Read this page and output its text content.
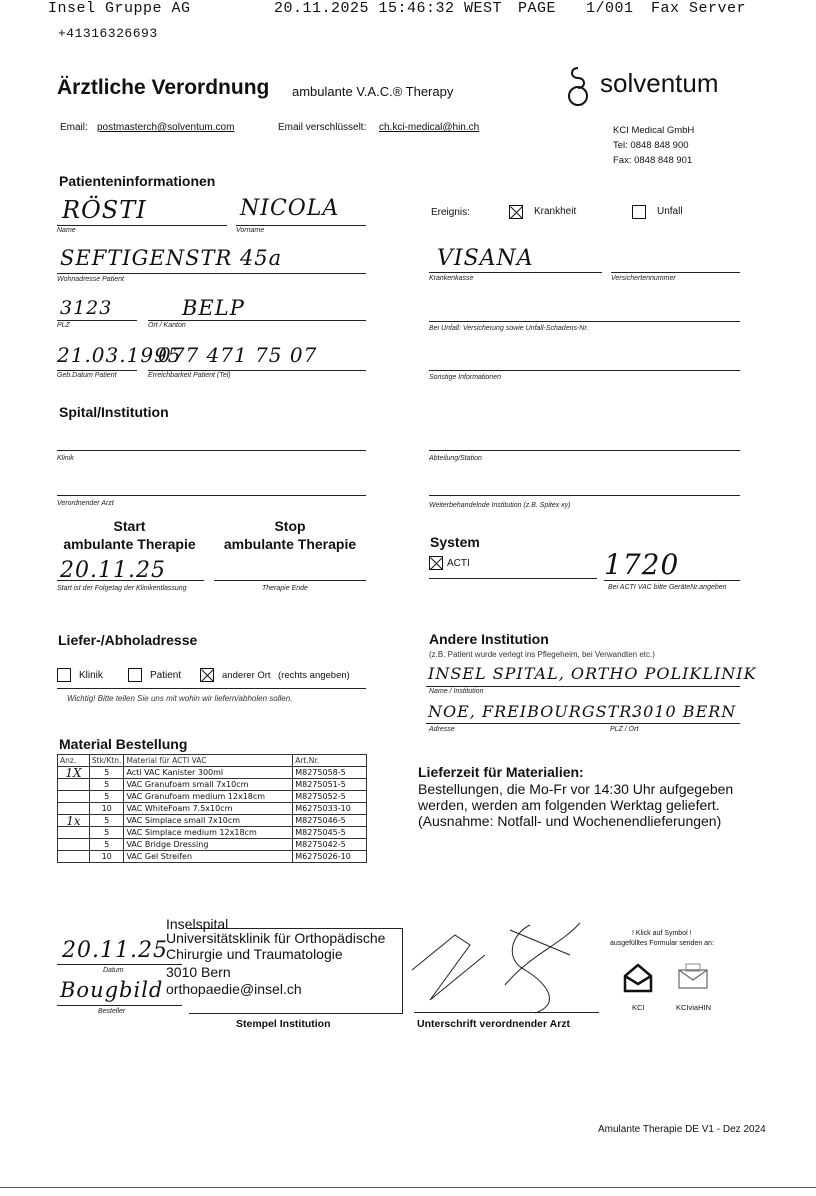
Insel Gruppe AG	20.11.2025 15:46:32 WEST PAGE 1/001 Fax Server
+41316326693
Ärztliche Verordnung ambulante V.A.C.® Therapy	solventum
Email: postmasterch@solventum.com	Email verschlüsselt: ch.kci-medical@hin.ch	KCI Medical GmbH
Tel: 0848 848 900
Fax: 0848 848 901
Patienteninformationen
RÖSTI
Name
NICOLA
Vorname
SEFTIGENSTR 45a
Wohnadresse Patient
3123
PLZ
BELP
Ort / Kanton
21.03.1995
Geb.Datum Patient
077 471 75 07
Erreichbarkeit Patient (Tel)
Ereignis:	Krankheit	Unfall
VISANA
Krankenkasse	Versichertennummer
Bei Unfall: Versicherung sowie Unfall-Schadens-Nr.
Sonstige Informationen
Spital/Institution
Klinik	Abteilung/Station
Verordnender Arzt	Weiterbehandelnde Institution (z.B. Spitex xy)
Start
ambulante Therapie
Stop
ambulante Therapie
20.11.25
Start ist der Folgetag der Klinikentlassung	Therapie Ende
System
ACTI	1720
Bei ACTI VAC bitte GeräteNr.angeben
Liefer-/Abholadresse
Klinik	Patient	anderer Ort (rechts angeben)
Wichtig! Bitte teilen Sie uns mit wohin wir liefern/abholen sollen.
Andere Institution
(z.B. Patient wurde verlegt ins Pflegeheim, bei Verwandten etc.)
INSEL SPITAL, ORTHO POLIKLINIK
Name / Institution
NOE, FREIBOURGSTR.
3010 BERN
Adresse	PLZ / Ort
Material Bestellung
Anz.	Stk/Ktn.	Material für ACTI VAC	Art.Nr.
1X	5	Acti VAC Kanister 300ml	M8275058-5
	5	VAC Granufoam small 7x10cm	M8275051-5
	5	VAC Granufoam medium 12x18cm	M8275052-5
	10	VAC WhiteFoam 7.5x10cm	M6275033-10
1x	5	VAC Simplace small 7x10cm	M8275046-5
	5	VAC Simplace medium 12x18cm	M8275045-5
	5	VAC Bridge Dressing	M8275042-5
	10	VAC Gel Streifen	M6275026-10
Lieferzeit für Materialien:
Bestellungen, die Mo-Fr vor 14:30 Uhr aufgegeben
werden, werden am folgenden Werktag geliefert.
(Ausnahme: Notfall- und Wochenendlieferungen)
20.11.25
Datum
Bougbild
Besteller
Inselspital
Universitätsklinik für Orthopädische
Chirurgie und Traumatologie
3010 Bern
orthopaedie@insel.ch
Stempel Institution	Unterschrift verordnender Arzt
! Klick auf Symbol !
ausgefülltes Formular senden an:
KCI	KCIviaHIN
Amulante Therapie DE V1 - Dez 2024
